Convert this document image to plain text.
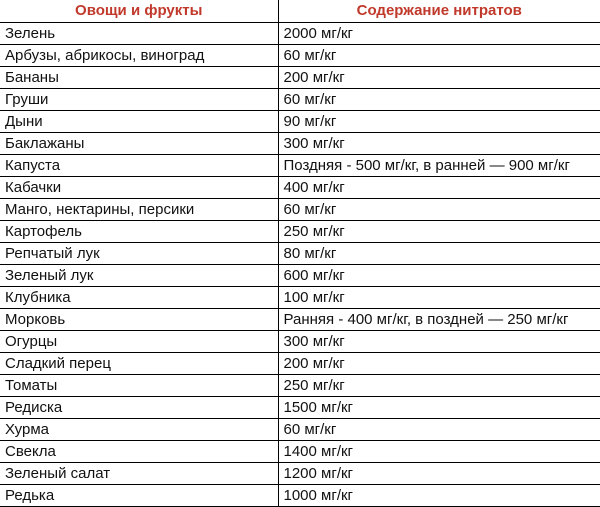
Овощи и фрукты	Содержание нитратов
Зелень	2000 мг/кг
Арбузы, абрикосы, виноград	60 мг/кг
Бананы	200 мг/кг
Груши	60 мг/кг
Дыни	90 мг/кг
Баклажаны	300 мг/кг
Капуста	Поздняя - 500 мг/кг, в ранней — 900 мг/кг
Кабачки	400 мг/кг
Манго, нектарины, персики	60 мг/кг
Картофель	250 мг/кг
Репчатый лук	80 мг/кг
Зеленый лук	600 мг/кг
Клубника	100 мг/кг
Морковь	Ранняя - 400 мг/кг, в поздней — 250 мг/кг
Огурцы	300 мг/кг
Сладкий перец	200 мг/кг
Томаты	250 мг/кг
Редиска	1500 мг/кг
Хурма	60 мг/кг
Свекла	1400 мг/кг
Зеленый салат	1200 мг/кг
Редька	1000 мг/кг
